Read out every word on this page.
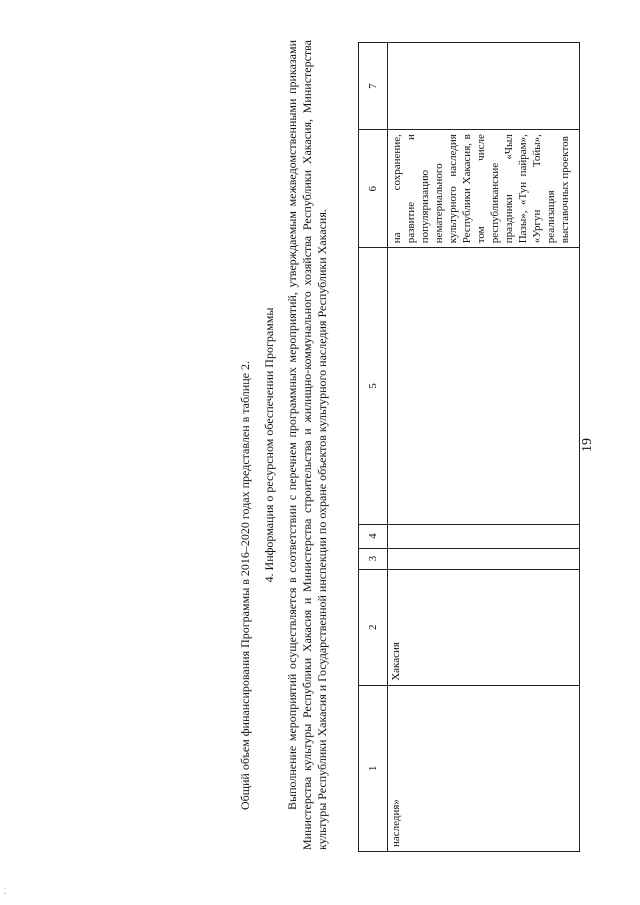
· ·
19
1	2	3	4	5	6	7
наследия»	Хакасия				на сохранение, развитие и популяризацию нематериального культурного наследия Республики Хакасия, в том числе республиканские праздники «Чыл Пазы», «Тун пайрам», «Ургун Тойы», реализация выставочных проектов	

Выполнение мероприятий осуществляется в соответствии с перечнем программных мероприятий, утверждаемым межведомственными приказами Министерства культуры Республики Хакасия и Министерства строительства и жилищно-коммунального хозяйства Республики Хакасия, Министерства культуры Республики Хакасия и Государственной инспекции по охране объектов культурного наследия Республики Хакасия.

4. Информация о ресурсном обеспечении Программы

Общий объем финансирования Программы в 2016–2020 годах представлен в таблице 2.
